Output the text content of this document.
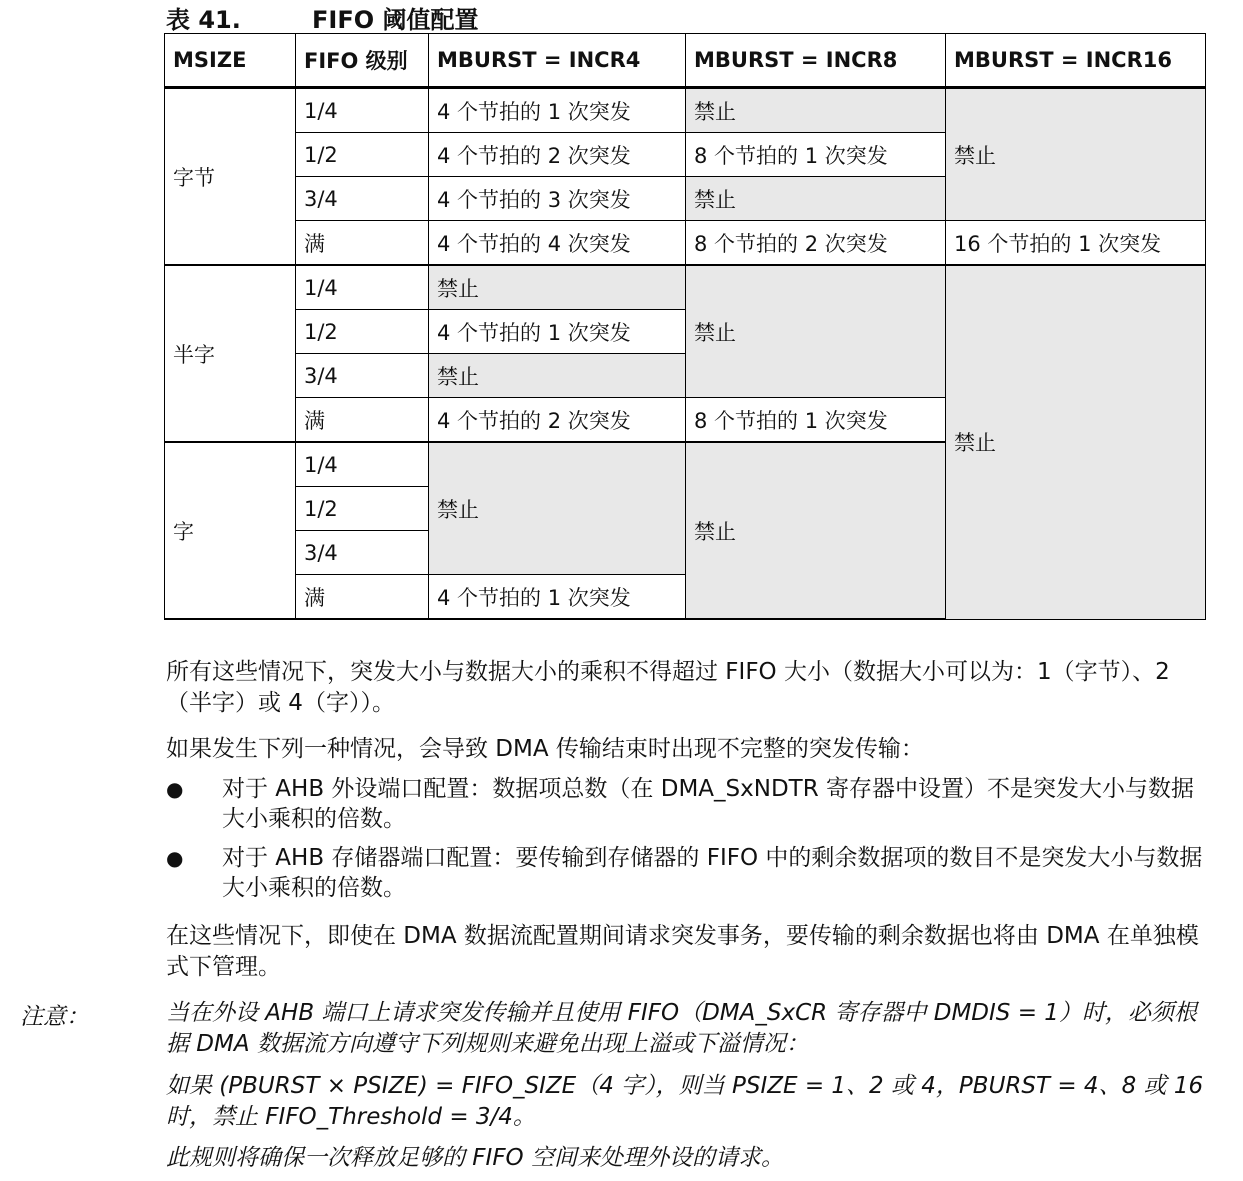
表 41.	FIFO 阈值配置
MSIZE	FIFO 级别	MBURST = INCR4	MBURST = INCR8	MBURST = INCR16
字节	1/4	4 个节拍的 1 次突发	禁止	禁止
	1/2	4 个节拍的 2 次突发	8 个节拍的 1 次突发	
	3/4	4 个节拍的 3 次突发	禁止	
	满	4 个节拍的 4 次突发	8 个节拍的 2 次突发	16 个节拍的 1 次突发
半字	1/4	禁止	禁止	禁止
	1/2	4 个节拍的 1 次突发		
	3/4	禁止		
	满	4 个节拍的 2 次突发	8 个节拍的 1 次突发	
字	1/4	禁止	禁止	
	1/2			
	3/4			
	满	4 个节拍的 1 次突发		
所有这些情况下，突发大小与数据大小的乘积不得超过 FIFO 大小（数据大小可以为：1（字节）、2（半字）或 4（字））。
如果发生下列一种情况，会导致 DMA 传输结束时出现不完整的突发传输：
● 对于 AHB 外设端口配置：数据项总数（在 DMA_SxNDTR 寄存器中设置）不是突发大小与数据大小乘积的倍数。
● 对于 AHB 存储器端口配置：要传输到存储器的 FIFO 中的剩余数据项的数目不是突发大小与数据大小乘积的倍数。
在这些情况下，即使在 DMA 数据流配置期间请求突发事务，要传输的剩余数据也将由 DMA 在单独模式下管理。
注意：	当在外设 AHB 端口上请求突发传输并且使用 FIFO（DMA_SxCR 寄存器中 DMDIS = 1）时，必须根据 DMA 数据流方向遵守下列规则来避免出现上溢或下溢情况：
如果 (PBURST × PSIZE) = FIFO_SIZE（4 字），则当 PSIZE = 1、2 或 4，PBURST = 4、8 或 16 时，禁止 FIFO_Threshold = 3/4。
此规则将确保一次释放足够的 FIFO 空间来处理外设的请求。
